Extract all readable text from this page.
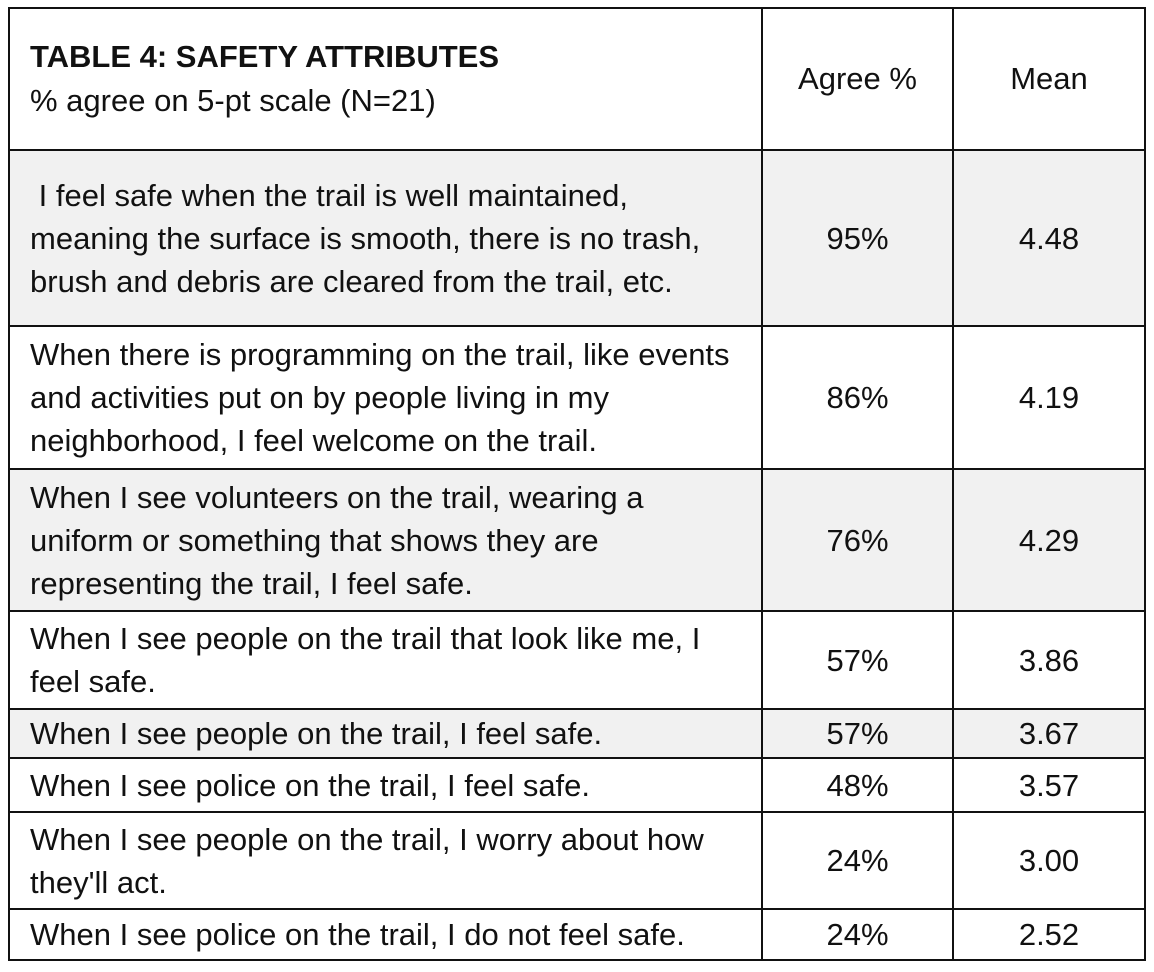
TABLE 4: SAFETY ATTRIBUTES
% agree on 5-pt scale (N=21)	Agree %	Mean
I feel safe when the trail is well maintained, meaning the surface is smooth, there is no trash, brush and debris are cleared from the trail, etc.	95%	4.48
When there is programming on the trail, like events and activities put on by people living in my neighborhood, I feel welcome on the trail.	86%	4.19
When I see volunteers on the trail, wearing a uniform or something that shows they are representing the trail, I feel safe.	76%	4.29
When I see people on the trail that look like me, I feel safe.	57%	3.86
When I see people on the trail, I feel safe.	57%	3.67
When I see police on the trail, I feel safe.	48%	3.57
When I see people on the trail, I worry about how they'll act.	24%	3.00
When I see police on the trail, I do not feel safe.	24%	2.52
